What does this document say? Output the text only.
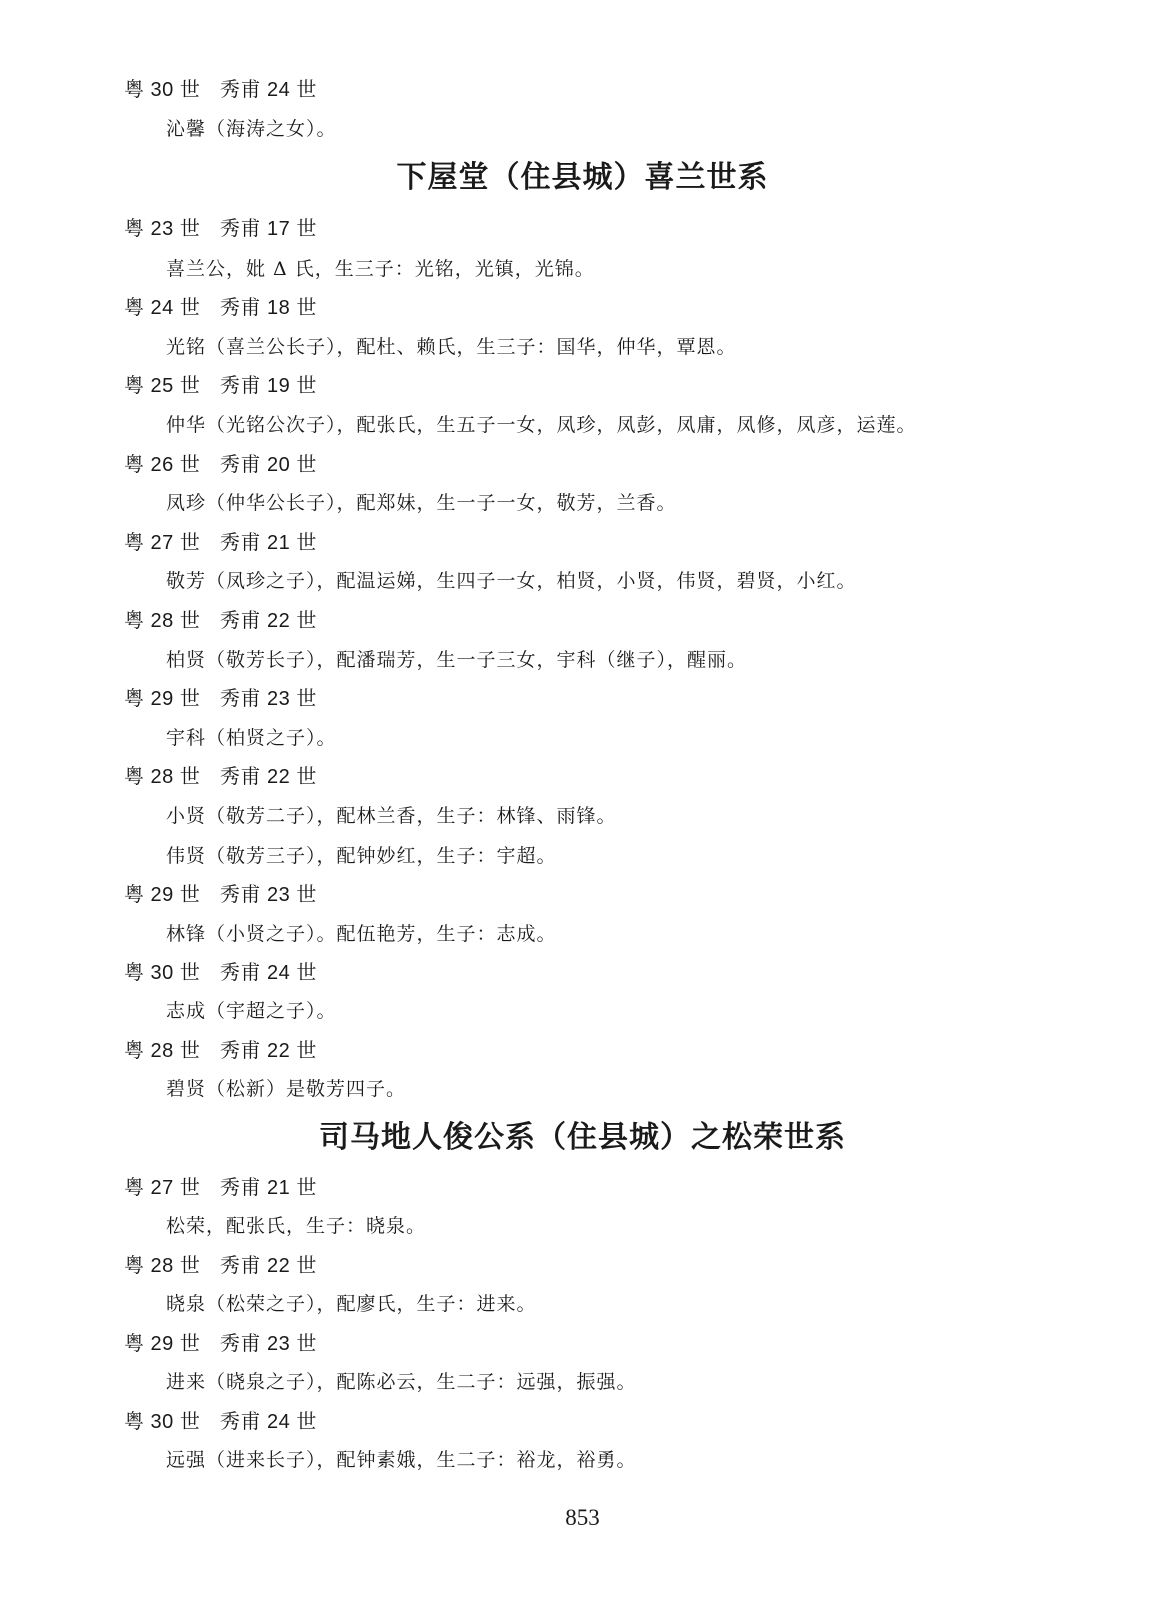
粤 30 世 秀甫 24 世
沁馨（海涛之女）。
下屋堂（住县城）喜兰世系
粤 23 世 秀甫 17 世
喜兰公，妣 Δ 氏，生三子：光铭，光镇，光锦。
粤 24 世 秀甫 18 世
光铭（喜兰公长子），配杜、赖氏，生三子：国华，仲华，覃恩。
粤 25 世 秀甫 19 世
仲华（光铭公次子），配张氏，生五子一女，凤珍，凤彭，凤庸，凤修，凤彦，运莲。
粤 26 世 秀甫 20 世
凤珍（仲华公长子），配郑妹，生一子一女，敬芳，兰香。
粤 27 世 秀甫 21 世
敬芳（凤珍之子），配温运娣，生四子一女，柏贤，小贤，伟贤，碧贤，小红。
粤 28 世 秀甫 22 世
柏贤（敬芳长子），配潘瑞芳，生一子三女，宇科（继子），醒丽。
粤 29 世 秀甫 23 世
宇科（柏贤之子）。
粤 28 世 秀甫 22 世
小贤（敬芳二子），配林兰香，生子：林锋、雨锋。
伟贤（敬芳三子），配钟妙红，生子：宇超。
粤 29 世 秀甫 23 世
林锋（小贤之子）。配伍艳芳，生子：志成。
粤 30 世 秀甫 24 世
志成（宇超之子）。
粤 28 世 秀甫 22 世
碧贤（松新）是敬芳四子。
司马地人俊公系（住县城）之松荣世系
粤 27 世 秀甫 21 世
松荣，配张氏，生子：晓泉。
粤 28 世 秀甫 22 世
晓泉（松荣之子），配廖氏，生子：进来。
粤 29 世 秀甫 23 世
进来（晓泉之子），配陈必云，生二子：远强，振强。
粤 30 世 秀甫 24 世
远强（进来长子），配钟素娥，生二子：裕龙，裕勇。
853
